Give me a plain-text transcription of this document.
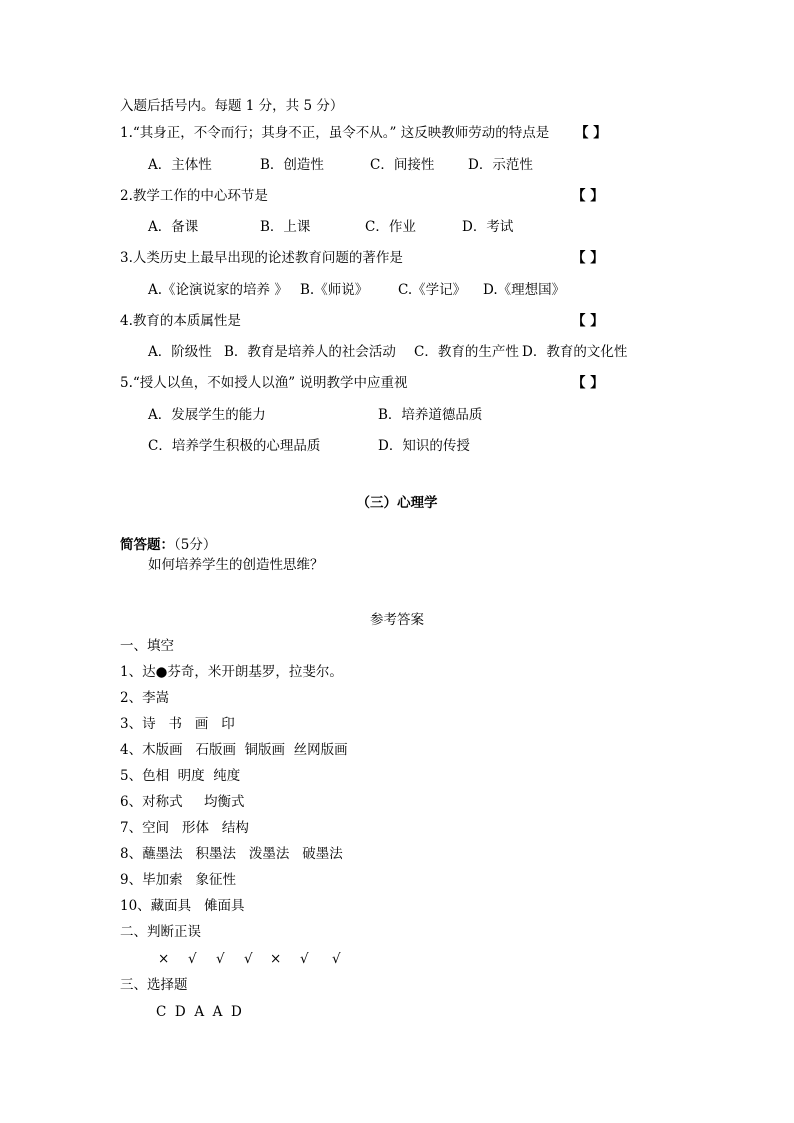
入题后括号内。每题 1 分，共 5 分）
1.“其身正，不令而行；其身不正，虽令不从。” 这反映教师劳动的特点是 【 】
A．主体性	B．创造性	C．间接性 D．示范性
2.教学工作的中心环节是	【 】
A．备课	B．上课	C．作业	D．考试
3.人类历史上最早出现的论述教育问题的著作是	【 】
A.《论演说家的培养 》 B.《师说》 C.《学记》 D.《理想国》
4.教育的本质属性是	【 】
A．阶级性 B．教育是培养人的社会活动 C．教育的生产性 D．教育的文化性
5.“授人以鱼，不如授人以渔” 说明教学中应重视	【 】
A．发展学生的能力	B．培养道德品质
C．培养学生积极的心理品质	D．知识的传授
（三）心理学
简答题：（5分）
如何培养学生的创造性思维？
参考答案
一、填空
1、达●芬奇，米开朗基罗，拉斐尔。
2、李嵩
3、诗   书   画   印
4、木版画   石版画  铜版画  丝网版画
5、色相  明度  纯度
6、对称式     均衡式
7、空间   形体   结构
8、蘸墨法   积墨法   泼墨法   破墨法
9、毕加索   象征性
10、藏面具   傩面具
二、判断正误
× √ √ √ × √ √
三、选择题
C  D  A  A  D
